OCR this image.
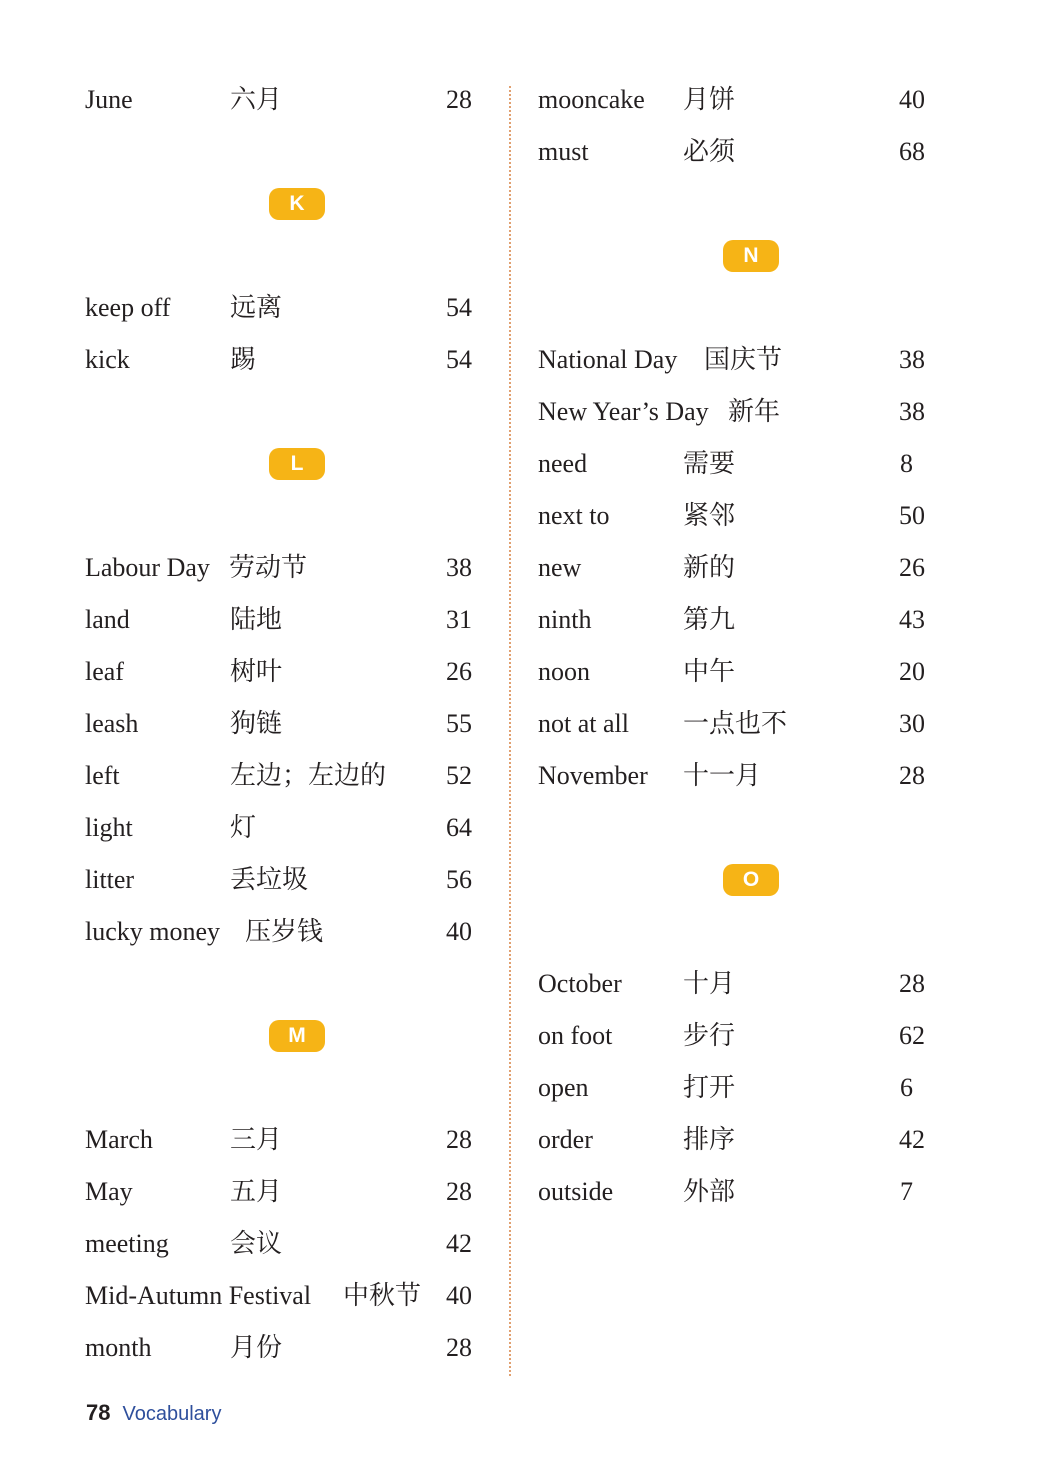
June	六月	28
K
keep off 远离	54
kick	踢	54
L
Labour Day 劳动节	38
land	陆地	31
leaf	树叶	26
leash	狗链	55
left	左边；左边的 52
light	灯	64
litter	丢垃圾	56
lucky money 压岁钱	40
M
March	三月	28
May	五月	28
meeting 会议	42
Mid-Autumn Festival 中秋节 40
month	月份	28
mooncake 月饼	40
must	必须	68
N
National Day 国庆节	38
New Year’s Day 新年	38
need	需要	8
next to	紧邻	50
new	新的	26
ninth	第九	43
noon	中午	20
not at all 一点也不	30
November 十一月	28
O
October 十月	28
on foot	步行	62
open	打开	6
order	排序	42
outside	外部	7
78 Vocabulary
